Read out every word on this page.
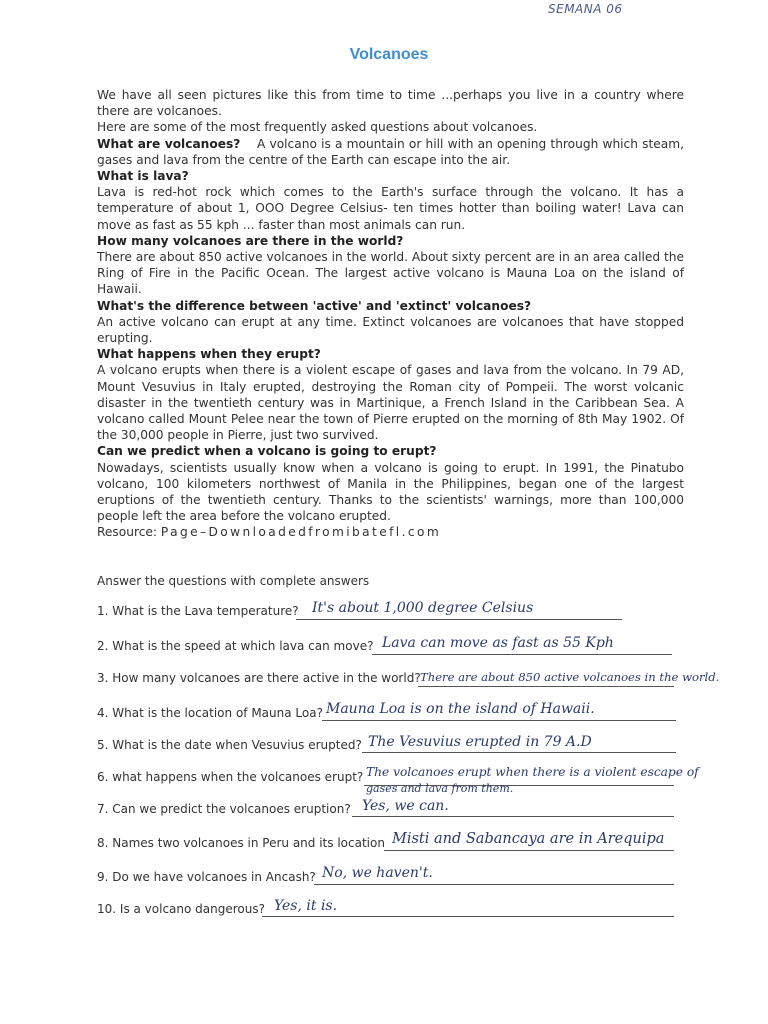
SEMANA 06
Volcanoes

We have all seen pictures like this from time to time ...perhaps you live in a country where there are volcanoes.

Here are some of the most frequently asked questions about volcanoes.

What are volcanoes? A volcano is a mountain or hill with an opening through which steam, gases and lava from the centre of the Earth can escape into the air.

What is lava?

Lava is red-hot rock which comes to the Earth's surface through the volcano. It has a temperature of about 1, OOO Degree Celsius- ten times hotter than boiling water! Lava can move as fast as 55 kph ... faster than most animals can run.

How many volcanoes are there in the world?

There are about 850 active volcanoes in the world. About sixty percent are in an area called the Ring of Fire in the Pacific Ocean. The largest active volcano is Mauna Loa on the island of Hawaii.

What's the difference between 'active' and 'extinct' volcanoes?

An active volcano can erupt at any time. Extinct volcanoes are volcanoes that have stopped erupting.

What happens when they erupt?

A volcano erupts when there is a violent escape of gases and lava from the volcano. In 79 AD, Mount Vesuvius in Italy erupted, destroying the Roman city of Pompeii. The worst volcanic disaster in the twentieth century was in Martinique, a French Island in the Caribbean Sea. A volcano called Mount Pelee near the town of Pierre erupted on the morning of 8th May 1902. Of the 30,000 people in Pierre, just two survived.

Can we predict when a volcano is going to erupt?

Nowadays, scientists usually know when a volcano is going to erupt. In 1991, the Pinatubo volcano, 100 kilometers northwest of Manila in the Philippines, began one of the largest eruptions of the twentieth century. Thanks to the scientists' warnings, more than 100,000 people left the area before the volcano erupted.

Resource: Page–Downloadedfromibatefl.com
Answer the questions with complete answers
1. What is the Lava temperature? It's about 1,000 degree Celsius
2. What is the speed at which lava can move? Lava can move as fast as 55 Kph
3. How many volcanoes are there active in the world? There are about 850 active volcanoes in the world.
4. What is the location of Mauna Loa? Mauna Loa is on the island of Hawaii.
5. What is the date when Vesuvius erupted? The Vesuvius erupted in 79 A.D
6. what happens when the volcanoes erupt? The volcanoes erupt when there is a violent escape of
gases and lava from them.
7. Can we predict the volcanoes eruption? Yes, we can.
8. Names two volcanoes in Peru and its location Misti and Sabancaya are in Arequipa
9. Do we have volcanoes in Ancash? No, we haven't.
10. Is a volcano dangerous? Yes, it is.
